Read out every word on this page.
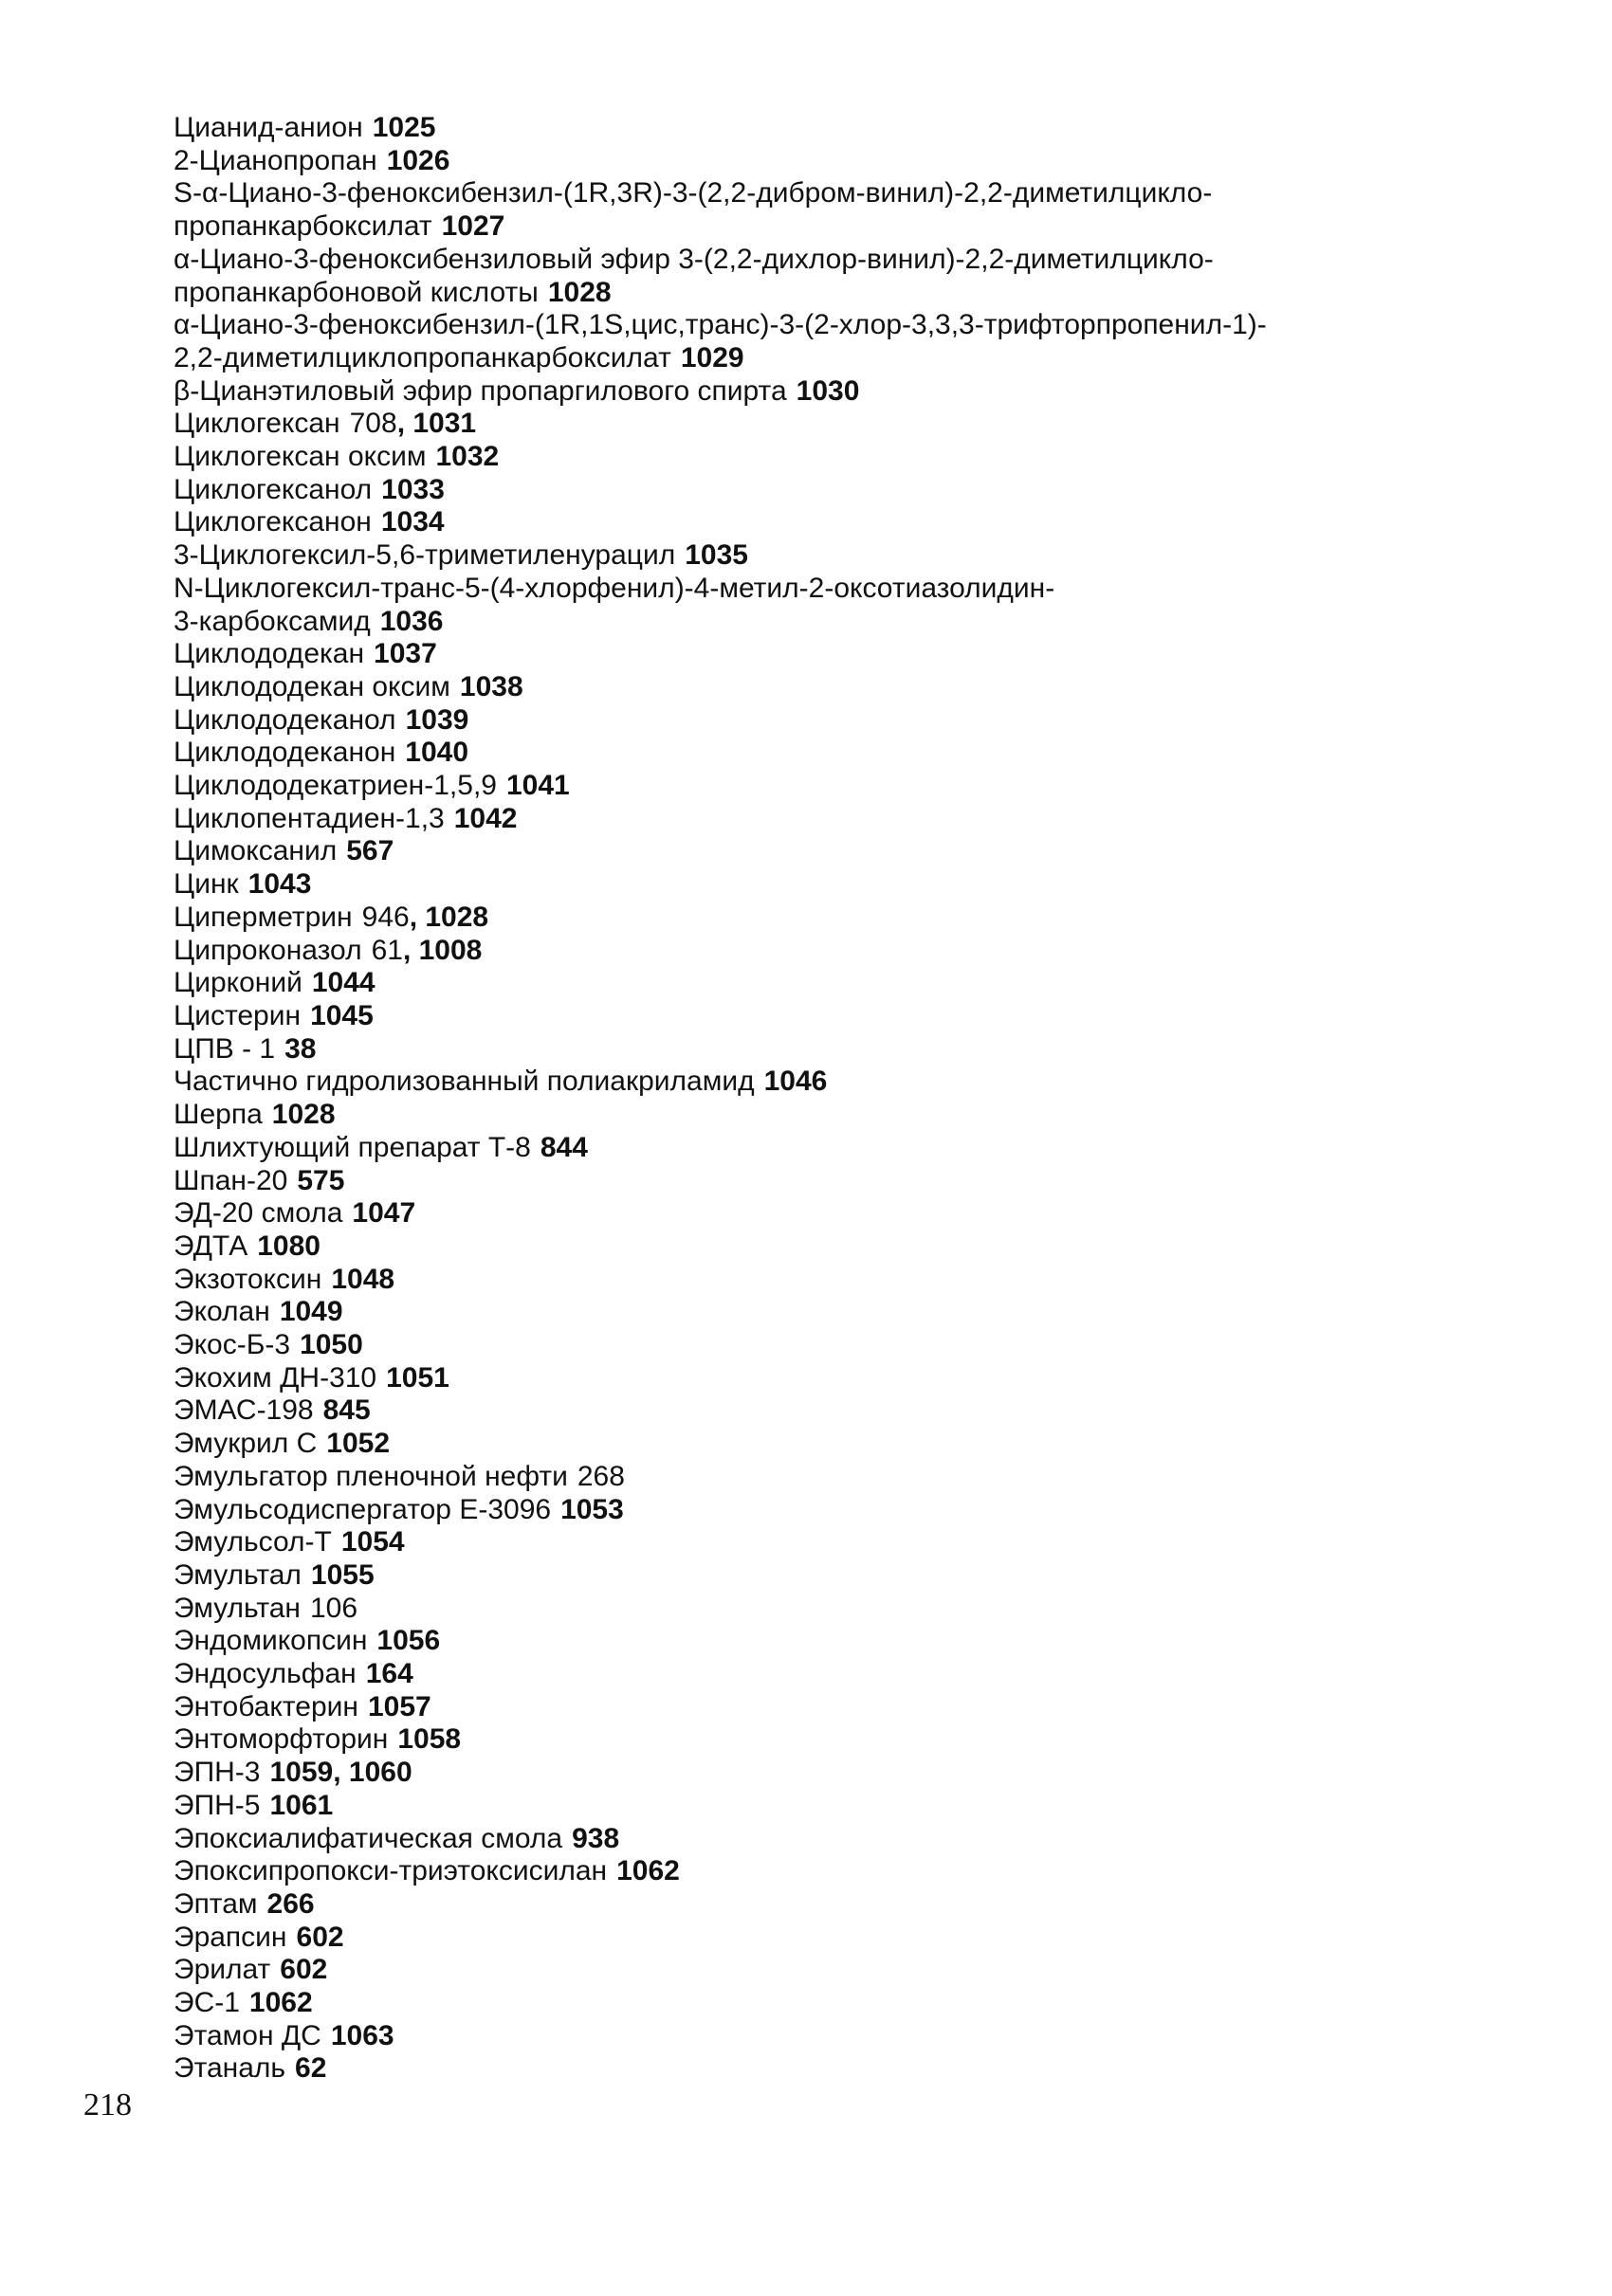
Цианид-анион 1025
2-Цианопропан 1026
S-α-Циано-3-феноксибензил-(1R,3R)-3-(2,2-дибром-винил)-2,2-диметилцикло-
пропанкарбоксилат 1027
α-Циано-3-феноксибензиловый эфир 3-(2,2-дихлор-винил)-2,2-диметилцикло-
пропанкарбоновой кислоты 1028
α-Циано-3-феноксибензил-(1R,1S,цис,транс)-3-(2-хлор-3,3,3-трифторпропенил-1)-
2,2-диметилциклопропанкарбоксилат 1029
β-Цианэтиловый эфир пропаргилового спирта 1030
Циклогексан 708, 1031
Циклогексан оксим 1032
Циклогексанол 1033
Циклогексанон 1034
3-Циклогексил-5,6-триметиленурацил 1035
N-Циклогексил-транс-5-(4-хлорфенил)-4-метил-2-оксотиазолидин-
3-карбоксамид 1036
Циклододекан 1037
Циклододекан оксим 1038
Циклододеканол 1039
Циклододеканон 1040
Циклододекатриен-1,5,9 1041
Циклопентадиен-1,3 1042
Цимоксанил 567
Цинк 1043
Циперметрин 946, 1028
Ципроконазол 61, 1008
Цирконий 1044
Цистерин 1045
ЦПВ - 1 38
Частично гидролизованный полиакриламид 1046
Шерпа 1028
Шлихтующий препарат Т-8 844
Шпан-20 575
ЭД-20 смола 1047
ЭДТА 1080
Экзотоксин 1048
Эколан 1049
Экос-Б-3 1050
Экохим ДН-310 1051
ЭМАС-198 845
Эмукрил С 1052
Эмульгатор пленочной нефти 268
Эмульсодиспергатор Е-3096 1053
Эмульсол-Т 1054
Эмультал 1055
Эмультан 106
Эндомикопсин 1056
Эндосульфан 164
Энтобактерин 1057
Энтоморфторин 1058
ЭПН-3 1059, 1060
ЭПН-5 1061
Эпоксиалифатическая смола 938
Эпоксипропокси-триэтоксисилан 1062
Эптам 266
Эрапсин 602
Эрилат 602
ЭС-1 1062
Этамон ДС 1063
Этаналь 62
218
